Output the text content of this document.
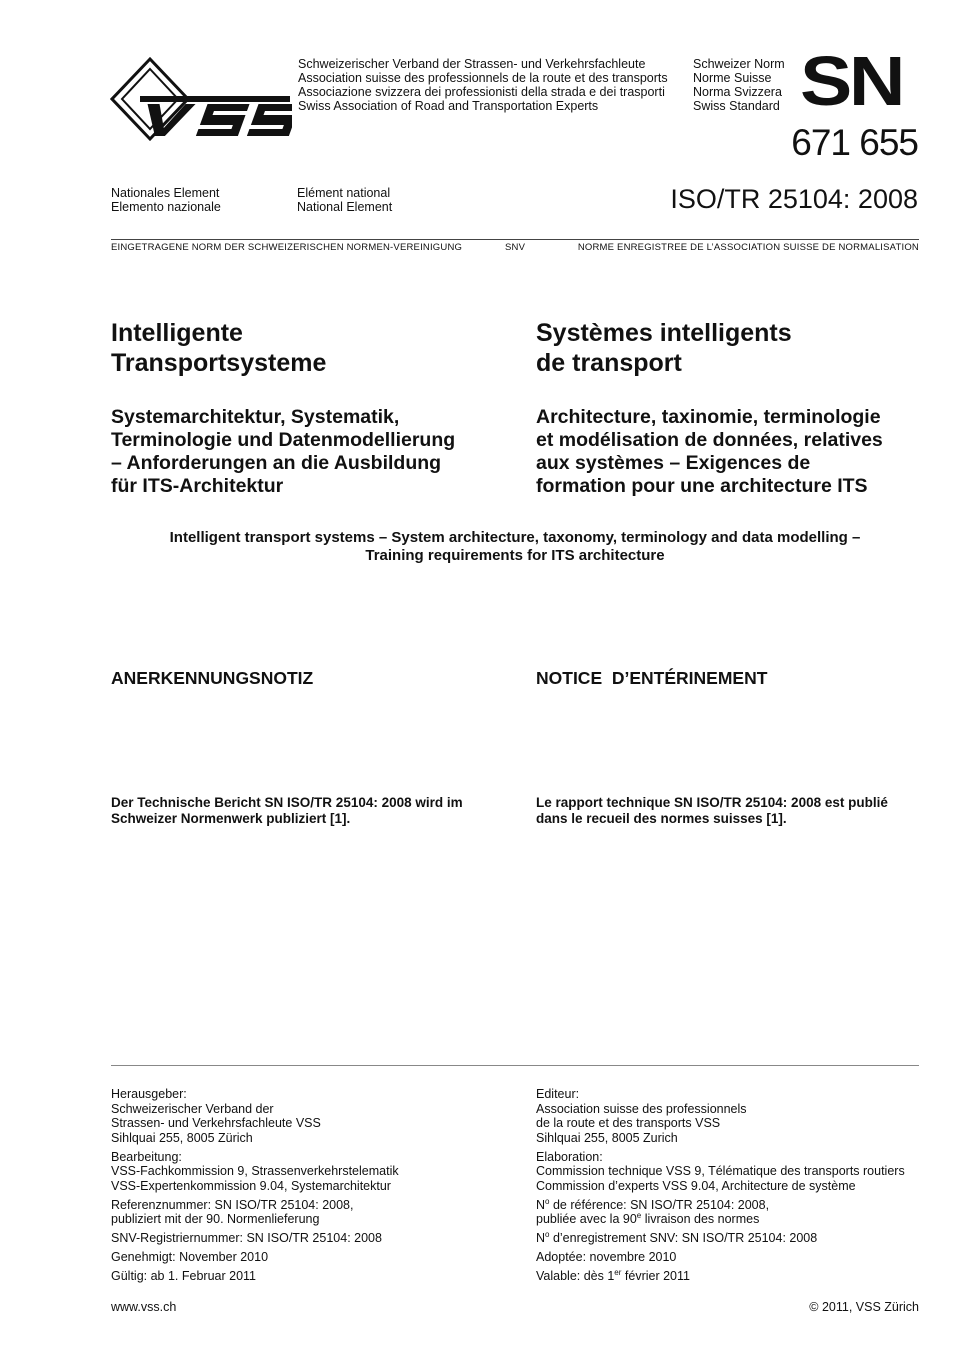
VSS
Schweizerischer Verband der Strassen- und Verkehrsfachleute
Association suisse des professionnels de la route et des transports
Associazione svizzera dei professionisti della strada e dei trasporti
Swiss Association of Road and Transportation Experts
Schweizer Norm
Norme Suisse
Norma Svizzera
Swiss Standard SN
671 655
Nationales Element
Elemento nazionale
Elément national
National Element	ISO/TR 25104: 2008
EINGETRAGENE NORM DER SCHWEIZERISCHEN NORMEN-VEREINIGUNG	SNV	NORME ENREGISTREE DE L’ASSOCIATION SUISSE DE NORMALISATION
Intelligente
Transportsysteme
Systèmes intelligents
de transport
Systemarchitektur, Systematik,
Terminologie und Datenmodellierung
– Anforderungen an die Ausbildung
für ITS-Architektur
Architecture, taxinomie, terminologie
et modélisation de données, relatives
aux systèmes – Exigences de
formation pour une architecture ITS
Intelligent transport systems – System architecture, taxonomy, terminology and data modelling –
Training requirements for ITS architecture
ANERKENNUNGSNOTIZ	NOTICE  D’ENTÉRINEMENT
Der Technische Bericht SN ISO/TR 25104: 2008 wird im
Schweizer Normenwerk publiziert [1].
Le rapport technique SN ISO/TR 25104: 2008 est publié
dans le recueil des normes suisses [1].
Herausgeber:
Schweizerischer Verband der
Strassen- und Verkehrsfachleute VSS
Sihlquai 255, 8005 Zürich
Bearbeitung:
VSS-Fachkommission 9, Strassenverkehrstelematik
VSS-Expertenkommission 9.04, Systemarchitektur
Referenznummer: SN ISO/TR 25104: 2008,
publiziert mit der 90. Normenlieferung
SNV-Registriernummer: SN ISO/TR 25104: 2008
Genehmigt: November 2010
Gültig: ab 1. Februar 2011
Editeur:
Association suisse des professionnels
de la route et des transports VSS
Sihlquai 255, 8005 Zurich
Elaboration:
Commission technique VSS 9, Télématique des transports routiers
Commission d’experts VSS 9.04, Architecture de système
$N^o$ de référence: SN ISO/TR 25104: 2008,
publiée avec la 90e livraison des normes
$N^o$ d’enregistrement SNV: SN ISO/TR 25104: 2008
Adoptée: novembre 2010
Valable: dès 1er février 2011
www.vss.ch	© 2011, VSS Zürich
